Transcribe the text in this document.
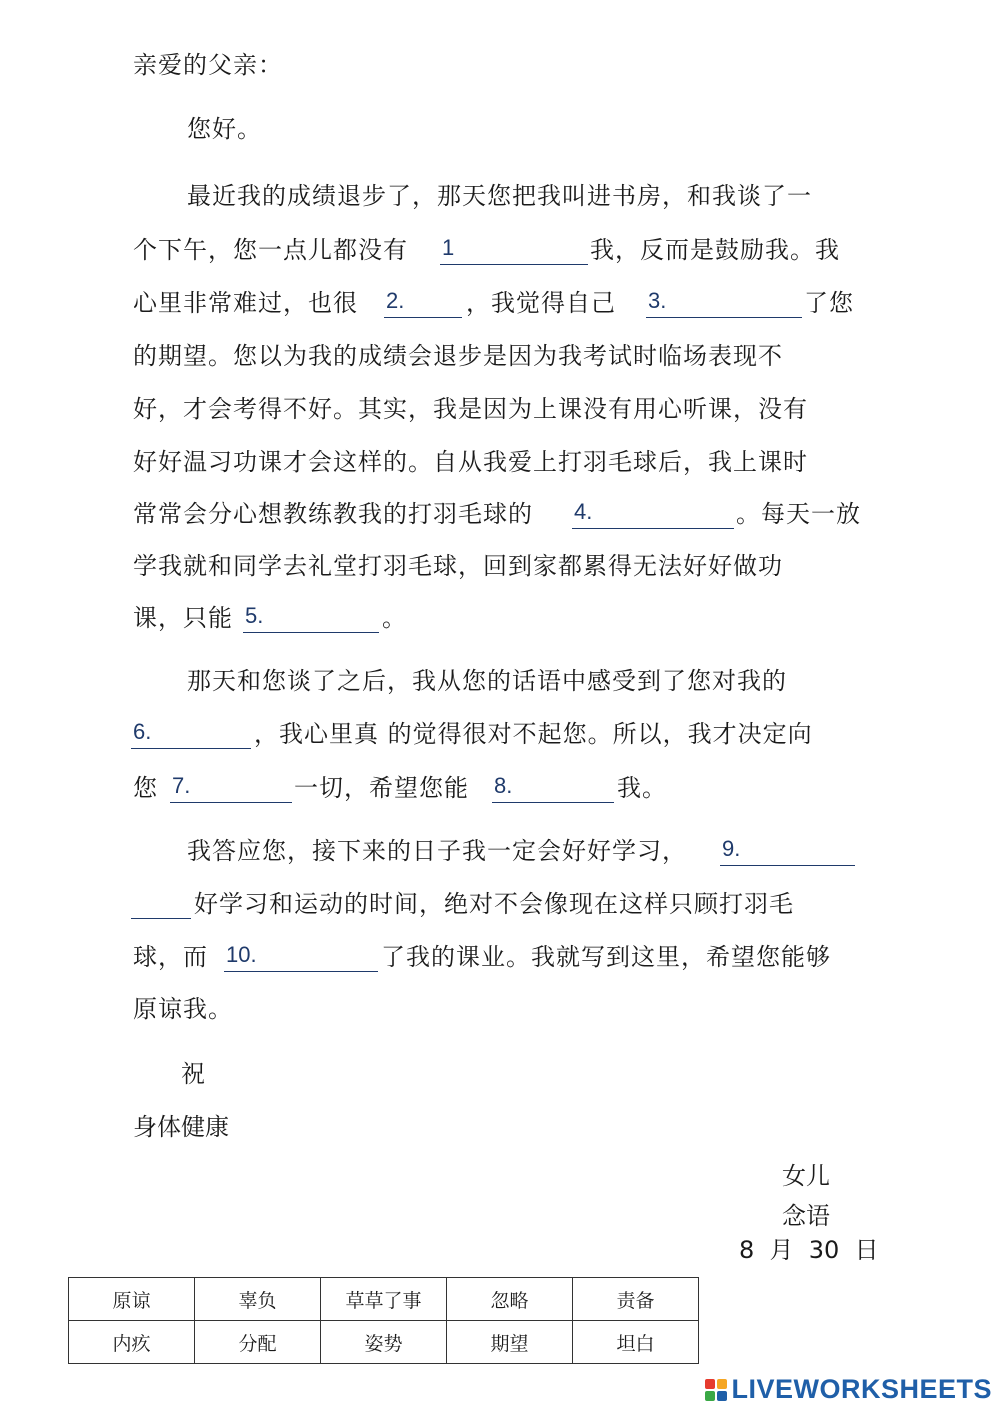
亲爱的父亲：
您好。
最近我的成绩退步了，那天您把我叫进书房，和我谈了一
个下午，您一点儿都没有 1	我，反而是鼓励我。我
心里非常难过，也很 2.	，我觉得自己 3.	了您
的期望。您以为我的成绩会退步是因为我考试时临场表现不
好，才会考得不好。其实，我是因为上课没有用心听课，没有
好好温习功课才会这样的。自从我爱上打羽毛球后，我上课时
常常会分心想教练教我的打羽毛球的 4.	。每天一放
学我就和同学去礼堂打羽毛球，回到家都累得无法好好做功
课，只能 5.	。
那天和您谈了之后，我从您的话语中感受到了您对我的
6.	，我心里真 的觉得很对不起您。所以，我才决定向
您 7.	一切，希望您能 8.	我。
我答应您，接下来的日子我一定会好好学习， 9.
好学习和运动的时间，绝对不会像现在这样只顾打羽毛
球，而 10.	了我的课业。我就写到这里，希望您能够
原谅我。
祝
身体健康
女儿
念语
8  月  30  日
原谅	辜负	草草了事	忽略	责备
内疚	分配	姿势	期望	坦白
LIVEWORKSHEETS
